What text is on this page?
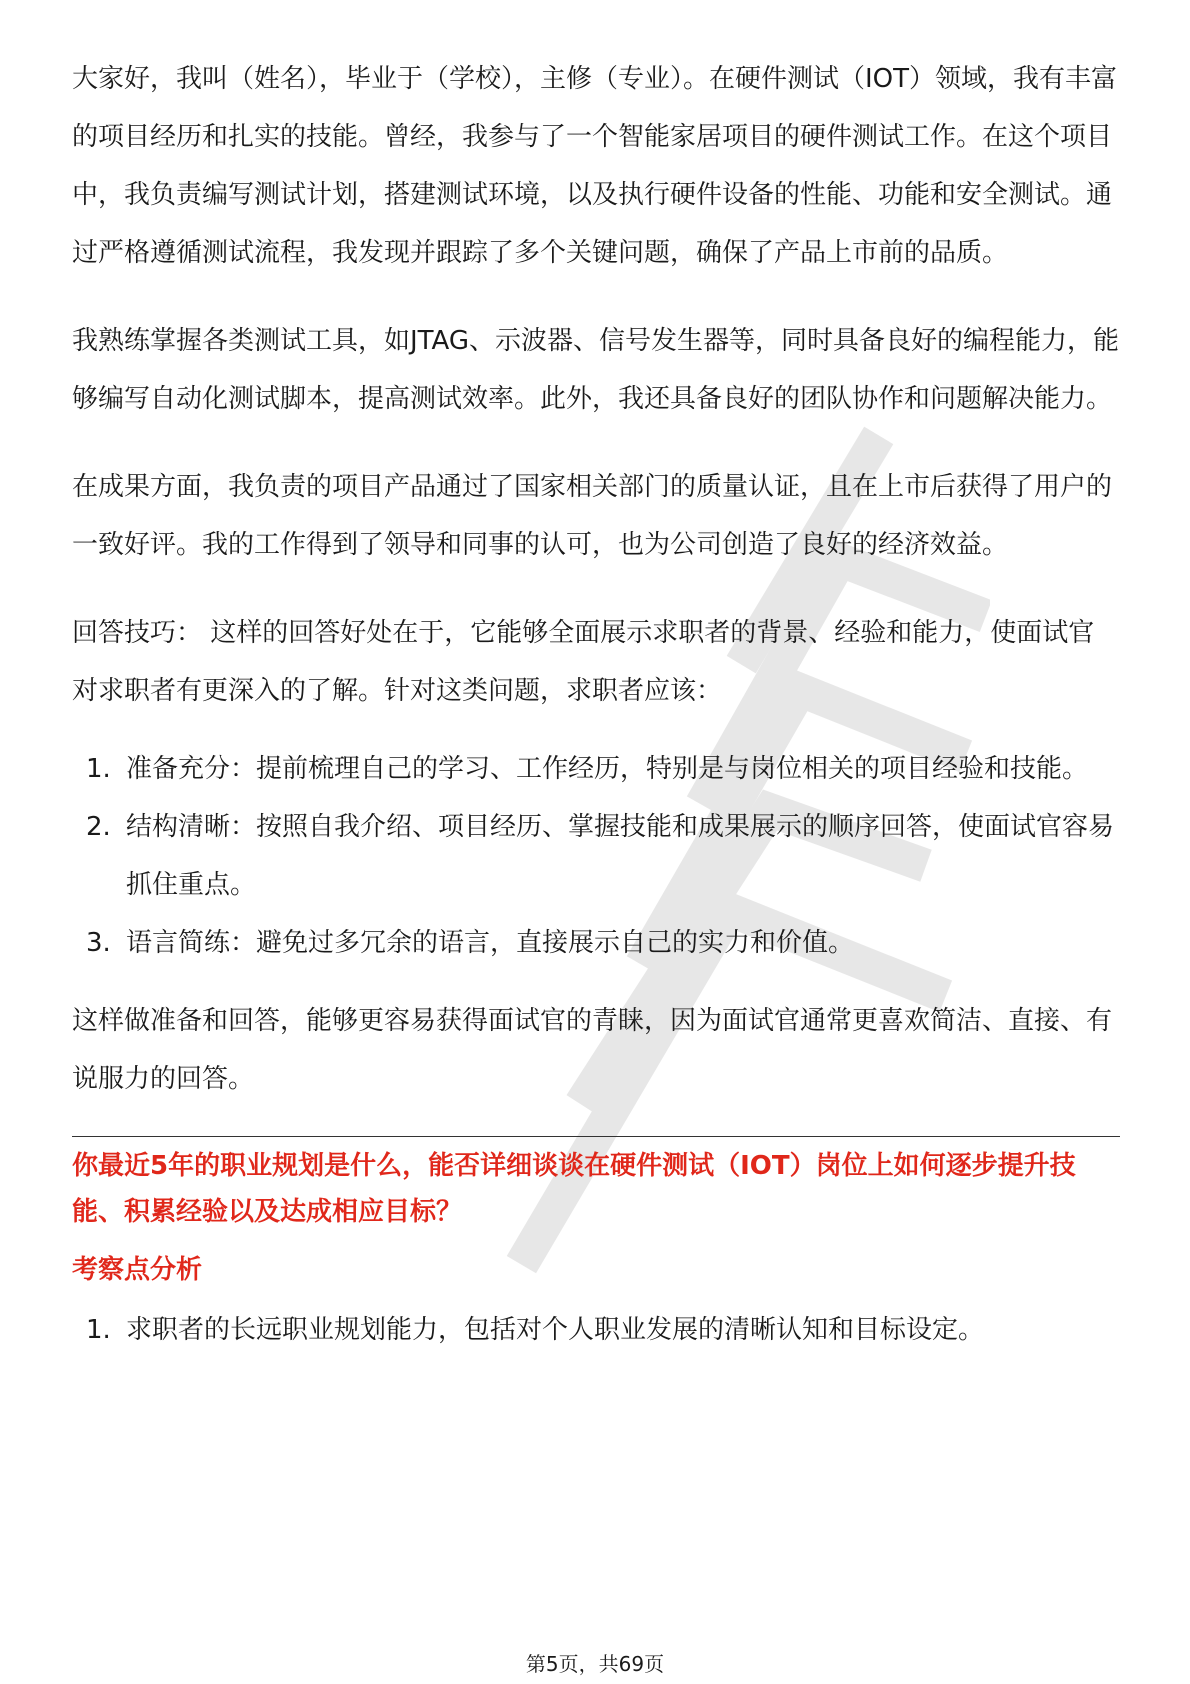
大家好，我叫（姓名），毕业于（学校），主修（专业）。在硬件测试（IOT）领域，我有丰富的项目经历和扎实的技能。曾经，我参与了一个智能家居项目的硬件测试工作。在这个项目中，我负责编写测试计划，搭建测试环境，以及执行硬件设备的性能、功能和安全测试。通过严格遵循测试流程，我发现并跟踪了多个关键问题，确保了产品上市前的品质。

我熟练掌握各类测试工具，如JTAG、示波器、信号发生器等，同时具备良好的编程能力，能够编写自动化测试脚本，提高测试效率。此外，我还具备良好的团队协作和问题解决能力。

在成果方面，我负责的项目产品通过了国家相关部门的质量认证，且在上市后获得了用户的一致好评。我的工作得到了领导和同事的认可，也为公司创造了良好的经济效益。

回答技巧： 这样的回答好处在于，它能够全面展示求职者的背景、经验和能力，使面试官对求职者有更深入的了解。针对这类问题，求职者应该：

1. 准备充分：提前梳理自己的学习、工作经历，特别是与岗位相关的项目经验和技能。
2. 结构清晰：按照自我介绍、项目经历、掌握技能和成果展示的顺序回答，使面试官容易抓住重点。
3. 语言简练：避免过多冗余的语言，直接展示自己的实力和价值。

这样做准备和回答，能够更容易获得面试官的青睐，因为面试官通常更喜欢简洁、直接、有说服力的回答。

你最近5年的职业规划是什么，能否详细谈谈在硬件测试（IOT）岗位上如何逐步提升技能、积累经验以及达成相应目标？

考察点分析

1. 求职者的长远职业规划能力，包括对个人职业发展的清晰认知和目标设定。
第5页，共69页
